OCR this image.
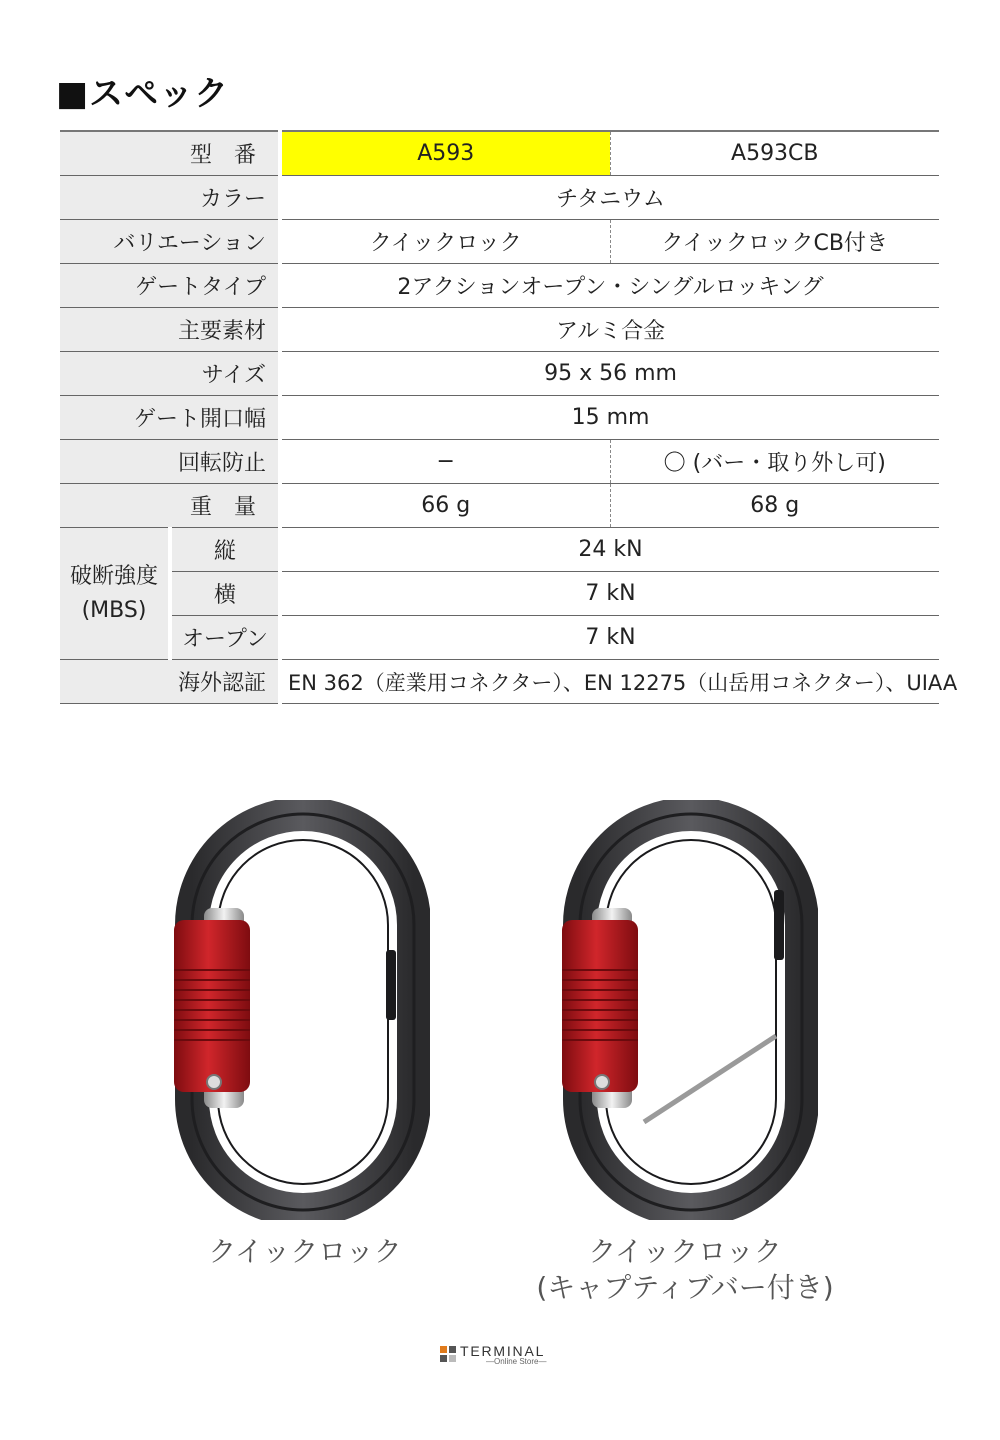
■スペック
型番		A593	A593CB
カラー		チタニウム	
バリエーション		クイックロック	クイックロックCB付き
ゲートタイプ		2アクションオープン・シングルロッキング	
主要素材		アルミ合金	
サイズ		95 x 56 mm	
ゲート開口幅		15 mm	
回転防止		−	〇 (バー・取り外し可)
重量		66 g	68 g
破断強度
(MBS)	縦	24 kN	
	横	7 kN	
	オープン	7 kN	
海外認証		EN 362（産業用コネクター）、EN 12275（山岳用コネクター）、UIAA	
クイックロック	クイックロック
(キャプティブバー付き)
TERMINAL
—Online Store—
